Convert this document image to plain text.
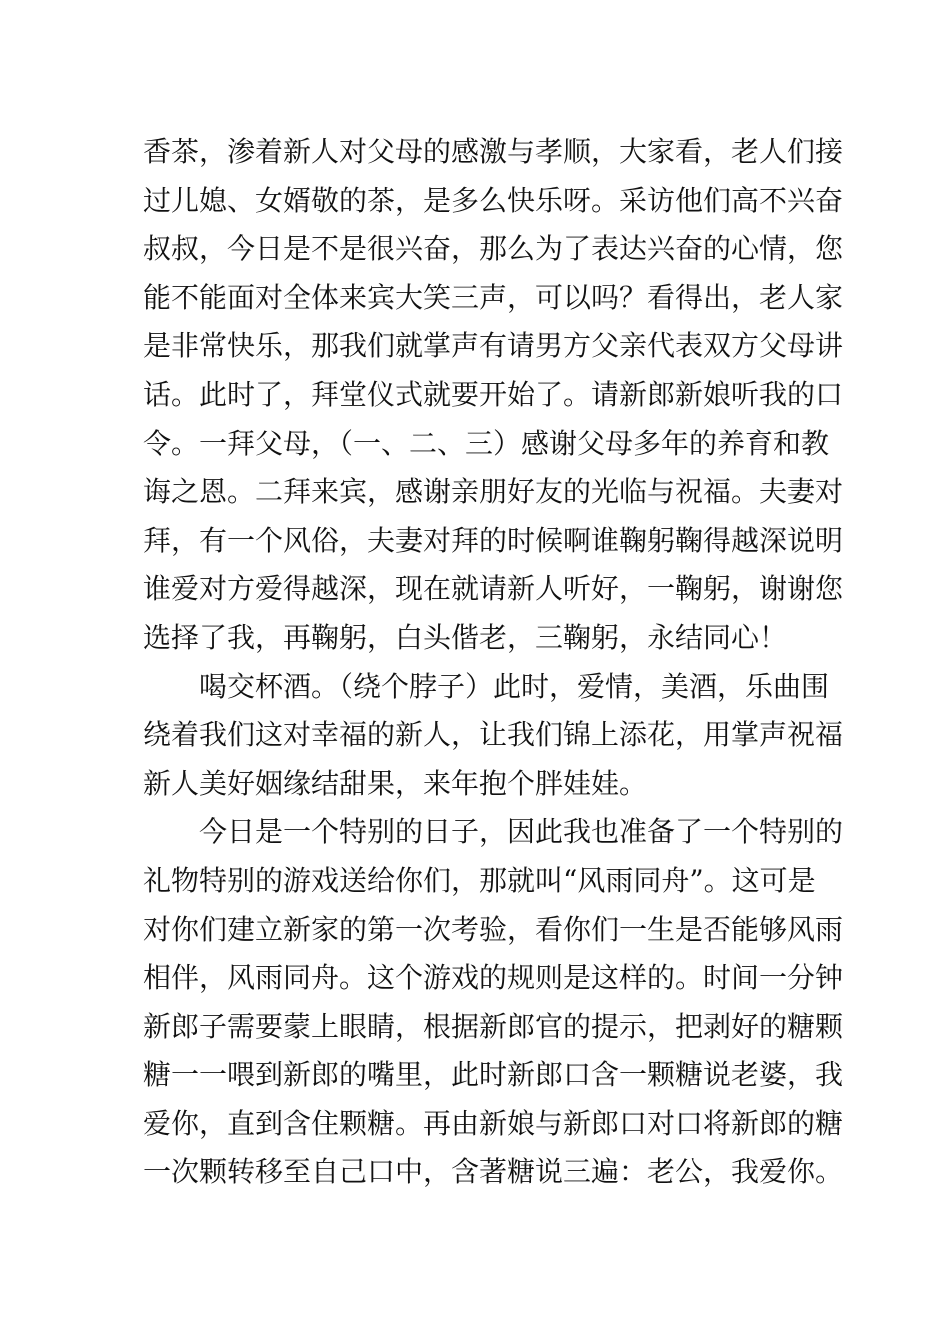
香茶，渗着新人对父母的感激与孝顺，大家看，老人们接
过儿媳、女婿敬的茶，是多么快乐呀。采访他们高不兴奋
叔叔，今日是不是很兴奋，那么为了表达兴奋的心情，您
能不能面对全体来宾大笑三声，可以吗？看得出，老人家
是非常快乐，那我们就掌声有请男方父亲代表双方父母讲
话。此时了，拜堂仪式就要开始了。请新郎新娘听我的口
令。一拜父母，（一、二、三）感谢父母多年的养育和教
诲之恩。二拜来宾，感谢亲朋好友的光临与祝福。夫妻对
拜，有一个风俗，夫妻对拜的时候啊谁鞠躬鞠得越深说明
谁爱对方爱得越深，现在就请新人听好，一鞠躬，谢谢您
选择了我，再鞠躬，白头偕老，三鞠躬，永结同心！
喝交杯酒。（绕个脖子）此时，爱情，美酒，乐曲围
绕着我们这对幸福的新人，让我们锦上添花，用掌声祝福
新人美好姻缘结甜果，来年抱个胖娃娃。
今日是一个特别的日子，因此我也准备了一个特别的
礼物特别的游戏送给你们，那就叫“风雨同舟”。这可是
对你们建立新家的第一次考验，看你们一生是否能够风雨
相伴，风雨同舟。这个游戏的规则是这样的。时间一分钟
新郎子需要蒙上眼睛，根据新郎官的提示，把剥好的糖颗
糖一一喂到新郎的嘴里，此时新郎口含一颗糖说老婆，我
爱你，直到含住颗糖。再由新娘与新郎口对口将新郎的糖
一次颗转移至自己口中，含著糖说三遍：老公，我爱你。
